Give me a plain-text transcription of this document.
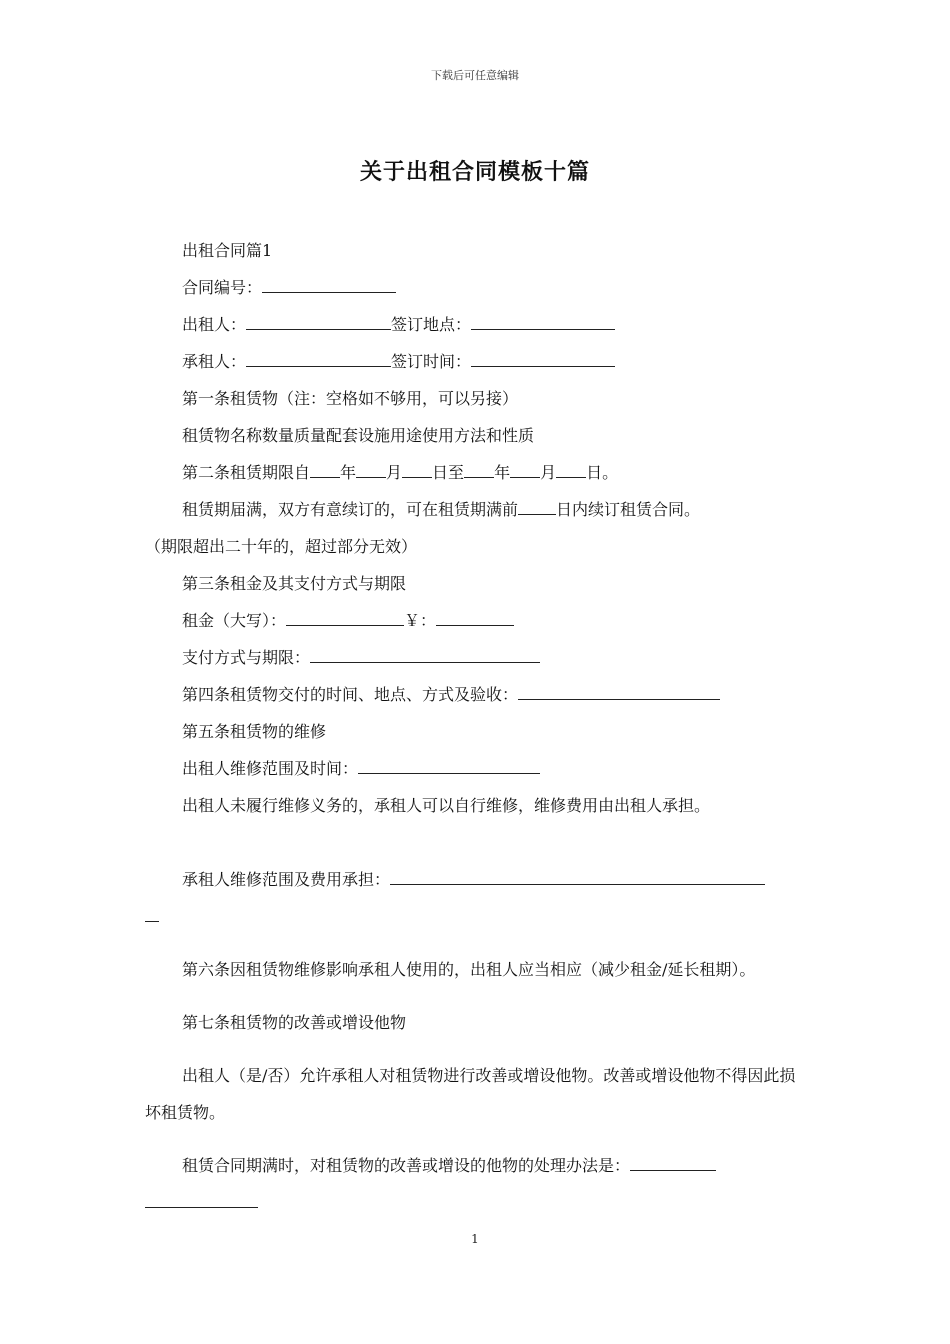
下载后可任意编辑
关于出租合同模板十篇

出租合同篇1

合同编号：

出租人：	签订地点：

承租人：	签订时间：

第一条租赁物（注：空格如不够用，可以另接）

租赁物名称数量质量配套设施用途使用方法和性质

第二条租赁期限自 年 月 日至 年 月 日。

租赁期届满，双方有意续订的，可在租赁期满前 日内续订租赁合同。

（期限超出二十年的，超过部分无效）

第三条租金及其支付方式与期限

租金（大写）：	￥：

支付方式与期限：

第四条租赁物交付的时间、地点、方式及验收：

第五条租赁物的维修

出租人维修范围及时间：

出租人未履行维修义务的，承租人可以自行维修，维修费用由出租人承担。

承租人维修范围及费用承担：

第六条因租赁物维修影响承租人使用的，出租人应当相应（减少租金/延长租期）。

第七条租赁物的改善或增设他物

出租人（是/否）允许承租人对租赁物进行改善或增设他物。改善或增设他物不得因此损坏租赁物。

租赁合同期满时，对租赁物的改善或增设的他物的处理办法是：

1
